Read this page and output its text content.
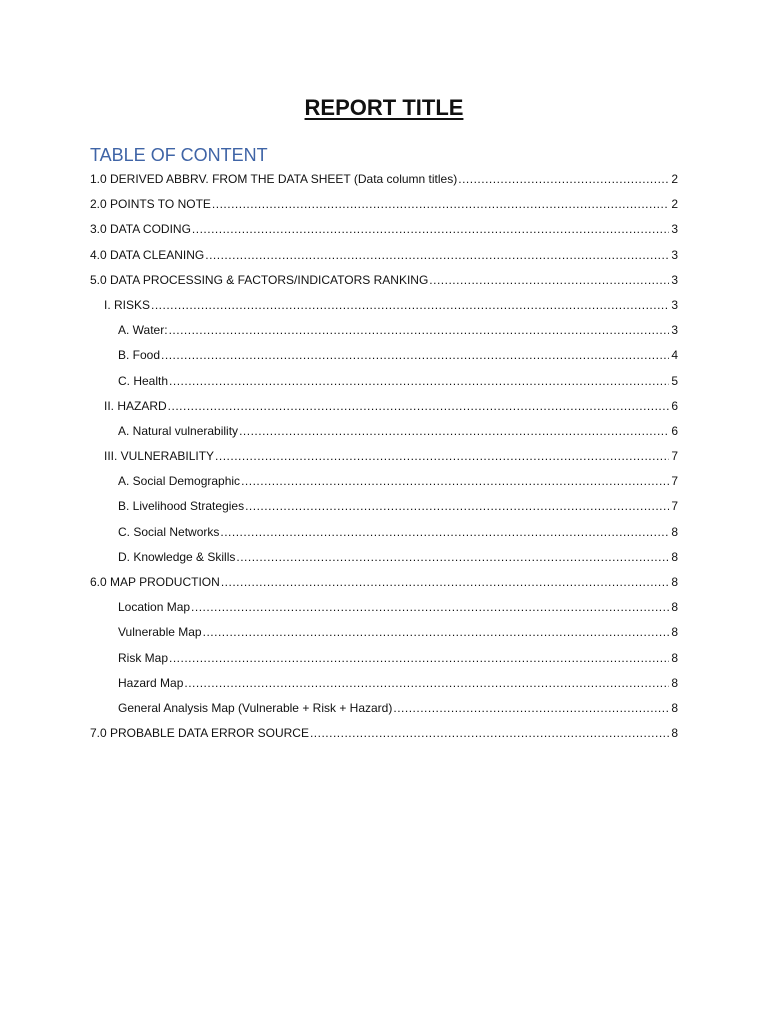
REPORT TITLE
TABLE OF CONTENT
1.0 DERIVED ABBRV. FROM THE DATA SHEET (Data column titles) .....	2
2.0 POINTS TO NOTE .....	2
3.0 DATA CODING .....	3
4.0 DATA CLEANING .....	3
5.0 DATA PROCESSING & FACTORS/INDICATORS RANKING .....	3
I. RISKS .....	3
A. Water: .....	3
B. Food .....	4
C. Health .....	5
II. HAZARD .....	6
A. Natural vulnerability .....	6
III. VULNERABILITY .....	7
A. Social Demographic .....	7
B. Livelihood Strategies .....	7
C. Social Networks .....	8
D. Knowledge & Skills .....	8
6.0 MAP PRODUCTION .....	8
Location Map .....	8
Vulnerable Map .....	8
Risk Map .....	8
Hazard Map .....	8
General Analysis Map (Vulnerable + Risk + Hazard) .....	8
7.0 PROBABLE DATA ERROR SOURCE .....	8
